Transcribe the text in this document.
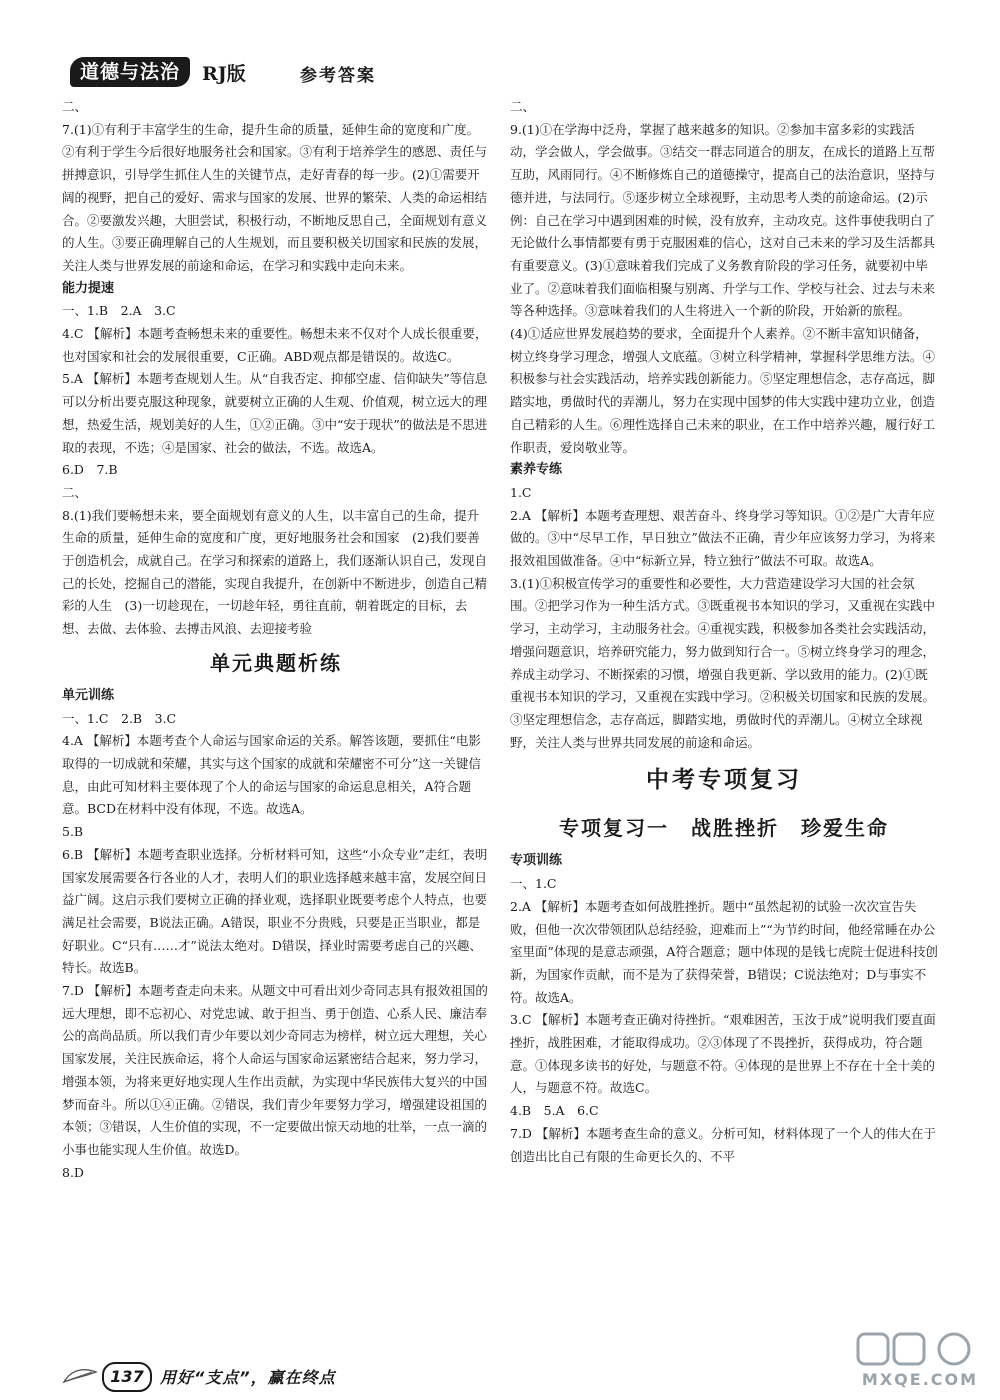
道德与法治	RJ版	参考答案
二、
7.(1)①有利于丰富学生的生命，提升生命的质量，延伸生命的宽度和广度。②有利于学生今后很好地服务社会和国家。③有利于培养学生的感恩、责任与拼搏意识，引导学生抓住人生的关键节点，走好青春的每一步。(2)①需要开阔的视野，把自己的爱好、需求与国家的发展、世界的繁荣、人类的命运相结合。②要激发兴趣，大胆尝试，积极行动，不断地反思自己，全面规划有意义的人生。③要正确理解自己的人生规划，而且要积极关切国家和民族的发展，关注人类与世界发展的前途和命运，在学习和实践中走向未来。
能力提速
一、1.B　2.A　3.C
4.C 【解析】本题考查畅想未来的重要性。畅想未来不仅对个人成长很重要，也对国家和社会的发展很重要，C正确。ABD观点都是错误的。故选C。
5.A 【解析】本题考查规划人生。从“自我否定、抑郁空虚、信仰缺失”等信息可以分析出要克服这种现象，就要树立正确的人生观、价值观，树立远大的理想，热爱生活，规划美好的人生，①②正确。③中“安于现状”的做法是不思进取的表现，不选；④是国家、社会的做法，不选。故选A。
6.D　7.B
二、
8.(1)我们要畅想未来，要全面规划有意义的人生，以丰富自己的生命，提升生命的质量，延伸生命的宽度和广度，更好地服务社会和国家　(2)我们要善于创造机会，成就自己。在学习和探索的道路上，我们逐渐认识自己，发现自己的长处，挖掘自己的潜能，实现自我提升，在创新中不断进步，创造自己精彩的人生　(3)一切趁现在，一切趁年轻，勇往直前，朝着既定的目标，去想、去做、去体验、去搏击风浪、去迎接考验
单元典题析练
单元训练
一、1.C　2.B　3.C
4.A 【解析】本题考查个人命运与国家命运的关系。解答该题，要抓住“电影取得的一切成就和荣耀，其实与这个国家的成就和荣耀密不可分”这一关键信息，由此可知材料主要体现了个人的命运与国家的命运息息相关，A符合题意。BCD在材料中没有体现，不选。故选A。
5.B
6.B 【解析】本题考查职业选择。分析材料可知，这些“小众专业”走红，表明国家发展需要各行各业的人才，表明人们的职业选择越来越丰富，发展空间日益广阔。这启示我们要树立正确的择业观，选择职业既要考虑个人特点，也要满足社会需要，B说法正确。A错误，职业不分贵贱，只要是正当职业，都是好职业。C“只有……才”说法太绝对。D错误，择业时需要考虑自己的兴趣、特长。故选B。
7.D 【解析】本题考查走向未来。从题文中可看出刘少奇同志具有报效祖国的远大理想，即不忘初心、对党忠诚、敢于担当、勇于创造、心系人民、廉洁奉公的高尚品质。所以我们青少年要以刘少奇同志为榜样，树立远大理想，关心国家发展，关注民族命运，将个人命运与国家命运紧密结合起来，努力学习，增强本领，为将来更好地实现人生作出贡献，为实现中华民族伟大复兴的中国梦而奋斗。所以①④正确。②错误，我们青少年要努力学习，增强建设祖国的本领；③错误，人生价值的实现，不一定要做出惊天动地的壮举，一点一滴的小事也能实现人生价值。故选D。
8.D
二、
9.(1)①在学海中泛舟，掌握了越来越多的知识。②参加丰富多彩的实践活动，学会做人，学会做事。③结交一群志同道合的朋友，在成长的道路上互帮互助，风雨同行。④不断修炼自己的道德操守，提高自己的法治意识，坚持与德并进，与法同行。⑤逐步树立全球视野，主动思考人类的前途命运。(2)示例：自己在学习中遇到困难的时候，没有放弃，主动攻克。这件事使我明白了无论做什么事情都要有勇于克服困难的信心，这对自己未来的学习及生活都具有重要意义。(3)①意味着我们完成了义务教育阶段的学习任务，就要初中毕业了。②意味着我们面临相聚与别离、升学与工作、学校与社会、过去与未来等各种选择。③意味着我们的人生将进入一个新的阶段，开始新的旅程。(4)①适应世界发展趋势的要求，全面提升个人素养。②不断丰富知识储备，树立终身学习理念，增强人文底蕴。③树立科学精神，掌握科学思维方法。④积极参与社会实践活动，培养实践创新能力。⑤坚定理想信念，志存高远，脚踏实地，勇做时代的弄潮儿，努力在实现中国梦的伟大实践中建功立业，创造自己精彩的人生。⑥理性选择自己未来的职业，在工作中培养兴趣，履行好工作职责，爱岗敬业等。
素养专练
1.C
2.A 【解析】本题考查理想、艰苦奋斗、终身学习等知识。①②是广大青年应做的。③中“尽早工作，早日独立”做法不正确，青少年应该努力学习，为将来报效祖国做准备。④中“标新立异，特立独行”做法不可取。故选A。
3.(1)①积极宣传学习的重要性和必要性，大力营造建设学习大国的社会氛围。②把学习作为一种生活方式。③既重视书本知识的学习，又重视在实践中学习，主动学习，主动服务社会。④重视实践，积极参加各类社会实践活动，增强问题意识，培养研究能力，努力做到知行合一。⑤树立终身学习的理念，养成主动学习、不断探索的习惯，增强自我更新、学以致用的能力。(2)①既重视书本知识的学习，又重视在实践中学习。②积极关切国家和民族的发展。③坚定理想信念，志存高远，脚踏实地，勇做时代的弄潮儿。④树立全球视野，关注人类与世界共同发展的前途和命运。
中考专项复习
专项复习一　战胜挫折　珍爱生命
专项训练
一、1.C
2.A 【解析】本题考查如何战胜挫折。题中“虽然起初的试验一次次宣告失败，但他一次次带领团队总结经验，迎难而上”“为节约时间，他经常睡在办公室里面”体现的是意志顽强，A符合题意；题中体现的是钱七虎院士促进科技创新，为国家作贡献，而不是为了获得荣誉，B错误；C说法绝对；D与事实不符。故选A。
3.C 【解析】本题考查正确对待挫折。“艰难困苦，玉汝于成”说明我们要直面挫折，战胜困难，才能取得成功。②③体现了不畏挫折，获得成功，符合题意。①体现多读书的好处，与题意不符。④体现的是世界上不存在十全十美的人，与题意不符。故选C。
4.B　5.A　6.C
7.D 【解析】本题考查生命的意义。分析可知，材料体现了一个人的伟大在于创造出比自己有限的生命更长久的、不平
137	用好“支点”，赢在终点	MXQE.COM
